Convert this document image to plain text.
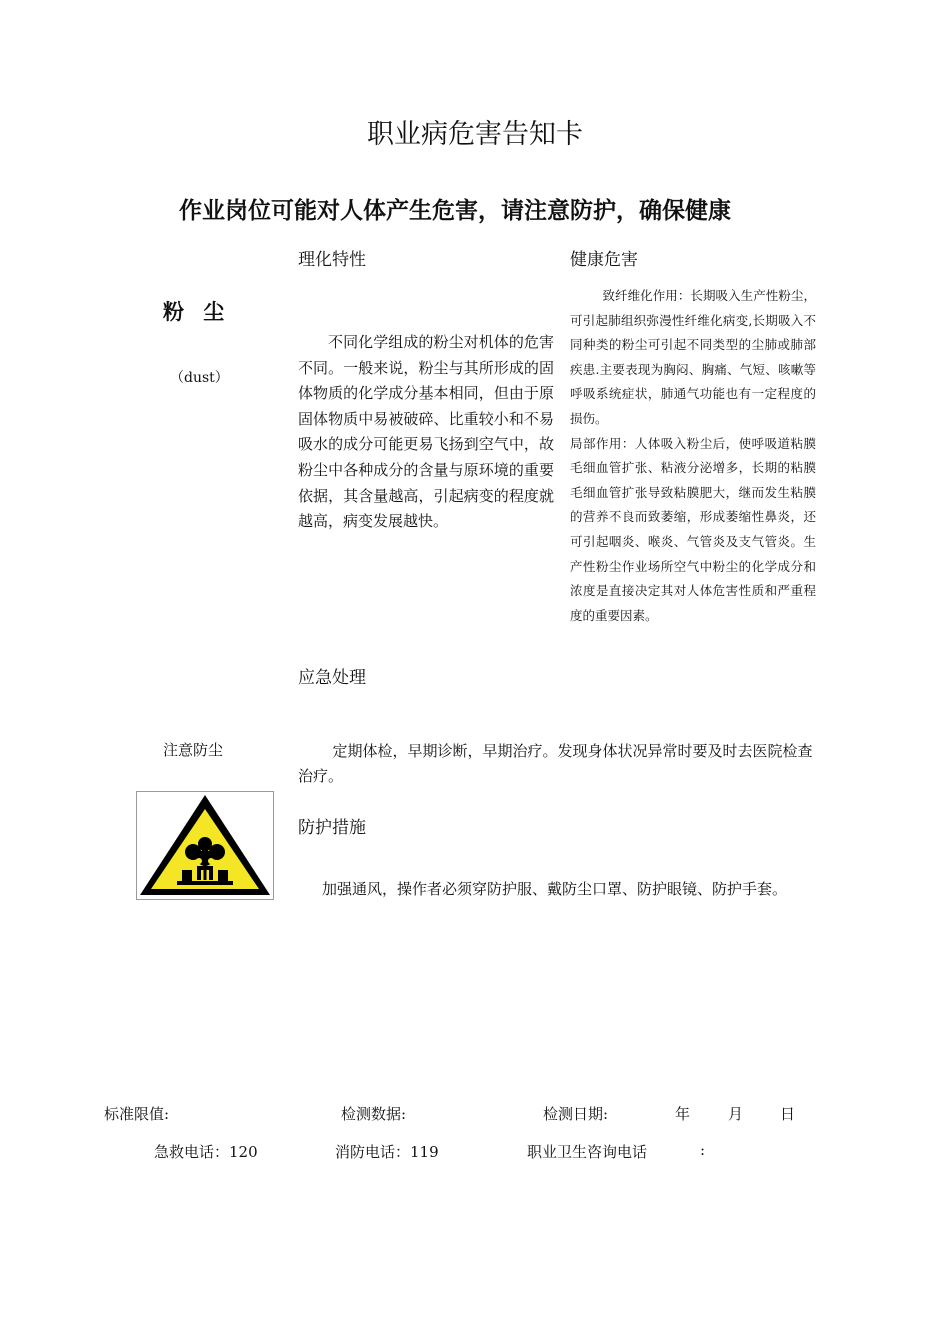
职业病危害告知卡
作业岗位可能对人体产生危害，请注意防护，确保健康
理化特性	健康危害
粉 尘
（dust）
不同化学组成的粉尘对机体的危害不同。一般来说，粉尘与其所形成的固体物质的化学成分基本相同，但由于原固体物质中易被破碎、比重较小和不易吸水的成分可能更易飞扬到空气中，故粉尘中各种成分的含量与原环境的重要依据，其含量越高，引起病变的程度就越高，病变发展越快。

致纤维化作用：长期吸入生产性粉尘，可引起肺组织弥漫性纤维化病变,长期吸入不同种类的粉尘可引起不同类型的尘肺或肺部疾患.主要表现为胸闷、胸痛、气短、咳嗽等呼吸系统症状，肺通气功能也有一定程度的损伤。

局部作用：人体吸入粉尘后，使呼吸道粘膜毛细血管扩张、粘液分泌增多，长期的粘膜毛细血管扩张导致粘膜肥大，继而发生粘膜的营养不良而致萎缩，形成萎缩性鼻炎，还可引起咽炎、喉炎、气管炎及支气管炎。生产性粉尘作业场所空气中粉尘的化学成分和浓度是直接决定其对人体危害性质和严重程度的重要因素。

应急处理
注意防尘	定期体检，早期诊断，早期治疗。发现身体状况异常时要及时去医院检查治疗。
防护措施
加强通风，操作者必须穿防护服、戴防尘口罩、防护眼镜、防护手套。
标准限值:	检测数据:	检测日期:	年	月 日
急救电话：120	消防电话：119	职业卫生咨询电话	:
